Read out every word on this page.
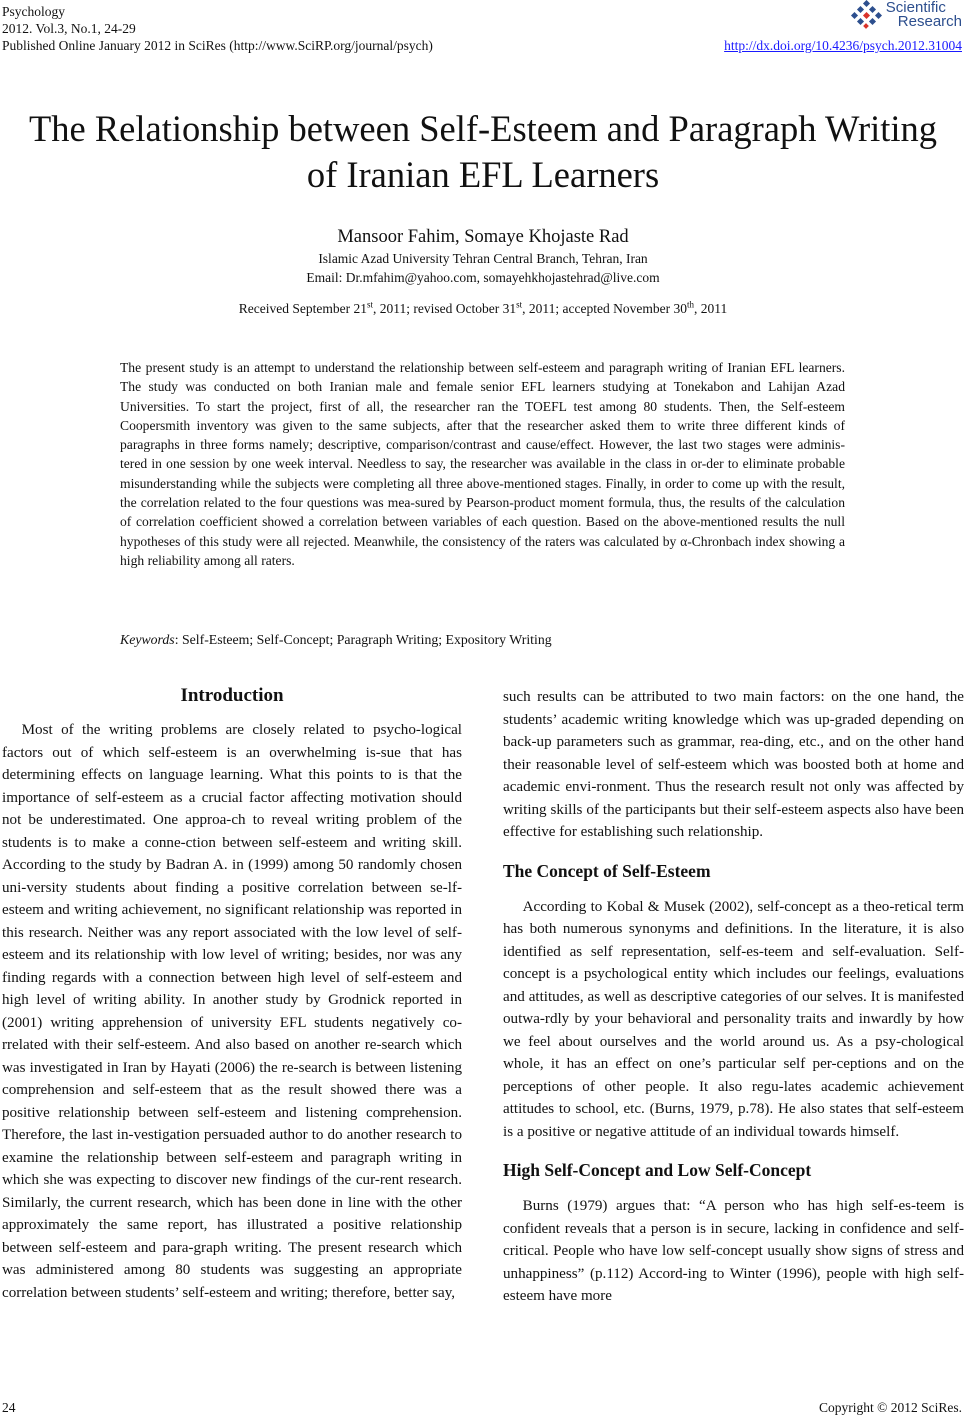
Psychology
2012. Vol.3, No.1, 24-29
Published Online January 2012 in SciRes (http://www.SciRP.org/journal/psych)
Scientific
Research
http://dx.doi.org/10.4236/psych.2012.31004
The Relationship between Self-Esteem and Paragraph Writing
of Iranian EFL Learners
Mansoor Fahim, Somaye Khojaste Rad
Islamic Azad University Tehran Central Branch, Tehran, Iran
Email: Dr.mfahim@yahoo.com, somayehkhojastehrad@live.com
Received September 21st, 2011; revised October 31st, 2011; accepted November 30th, 2011
The present study is an attempt to understand the relationship between self-esteem and paragraph writing of Iranian EFL learners. The study was conducted on both Iranian male and female senior EFL learners studying at Tonekabon and Lahijan Azad Universities. To start the project, first of all, the researcher ran the TOEFL test among 80 students. Then, the Self-esteem Coopersmith inventory was given to the same subjects, after that the researcher asked them to write three different kinds of paragraphs in three forms namely; descriptive, comparison/contrast and cause/effect. However, the last two stages were adminis-tered in one session by one week interval. Needless to say, the researcher was available in the class in or-der to eliminate probable misunderstanding while the subjects were completing all three above-mentioned stages. Finally, in order to come up with the result, the correlation related to the four questions was mea-sured by Pearson-product moment formula, thus, the results of the calculation of correlation coefficient showed a correlation between variables of each question. Based on the above-mentioned results the null hypotheses of this study were all rejected. Meanwhile, the consistency of the raters was calculated by α-Chronbach index showing a high reliability among all raters.
Keywords: Self-Esteem; Self-Concept; Paragraph Writing; Expository Writing
Introduction

Most of the writing problems are closely related to psycho-logical factors out of which self-esteem is an overwhelming is-sue that has determining effects on language learning. What this points to is that the importance of self-esteem as a crucial factor affecting motivation should not be underestimated. One approa-ch to reveal writing problem of the students is to make a conne-ction between self-esteem and writing skill. According to the study by Badran A. in (1999) among 50 randomly chosen uni-versity students about finding a positive correlation between se-lf-esteem and writing achievement, no significant relationship was reported in this research. Neither was any report associated with the low level of self-esteem and its relationship with low level of writing; besides, nor was any finding regards with a connection between high level of self-esteem and high level of writing ability. In another study by Grodnick reported in (2001) writing apprehension of university EFL students negatively co-rrelated with their self-esteem. And also based on another re-search which was investigated in Iran by Hayati (2006) the re-search is between listening comprehension and self-esteem that as the result showed there was a positive relationship between self-esteem and listening comprehension. Therefore, the last in-vestigation persuaded author to do another research to examine the relationship between self-esteem and paragraph writing in which she was expecting to discover new findings of the cur-rent research. Similarly, the current research, which has been done in line with the other approximately the same report, has illustrated a positive relationship between self-esteem and para-graph writing. The present research which was administered among 80 students was suggesting an appropriate correlation between students’ self-esteem and writing; therefore, better say,

such results can be attributed to two main factors: on the one hand, the students’ academic writing knowledge which was up-graded depending on back-up parameters such as grammar, rea-ding, etc., and on the other hand their reasonable level of self-esteem which was boosted both at home and academic envi-ronment. Thus the research result not only was affected by writing skills of the participants but their self-esteem aspects also have been effective for establishing such relationship.

The Concept of Self-Esteem

According to Kobal & Musek (2002), self-concept as a theo-retical term has both numerous synonyms and definitions. In the literature, it is also identified as self representation, self-es-teem and self-evaluation. Self-concept is a psychological entity which includes our feelings, evaluations and attitudes, as well as descriptive categories of our selves. It is manifested outwa-rdly by your behavioral and personality traits and inwardly by how we feel about ourselves and the world around us. As a psy-chological whole, it has an effect on one’s particular self per-ceptions and on the perceptions of other people. It also regu-lates academic achievement attitudes to school, etc. (Burns, 1979, p.78). He also states that self-esteem is a positive or negative attitude of an individual towards himself.

High Self-Concept and Low Self-Concept

Burns (1979) argues that: “A person who has high self-es-teem is confident reveals that a person is in secure, lacking in confidence and self-critical. People who have low self-concept usually show signs of stress and unhappiness” (p.112) Accord-ing to Winter (1996), people with high self-esteem have more

24	Copyright © 2012 SciRes.
